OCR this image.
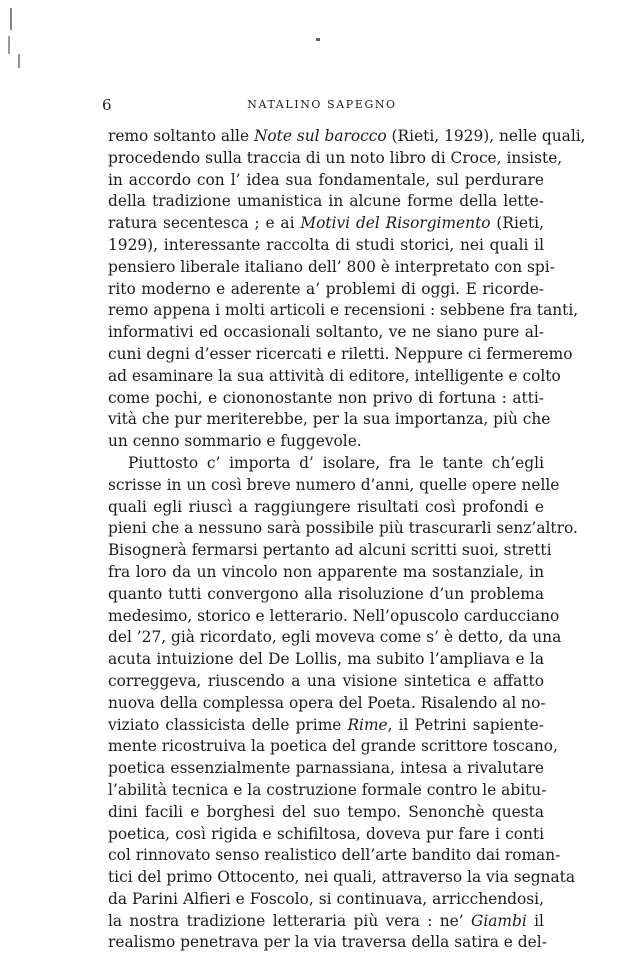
6	NATALINO SAPEGNO
remo soltanto alle Note sul barocco (Rieti, 1929), nelle quali,
procedendo sulla traccia di un noto libro di Croce, insiste,
in accordo con l’ idea sua fondamentale, sul perdurare
della tradizione umanistica in alcune forme della lette-
ratura secentesca ; e ai Motivi del Risorgimento (Rieti,
1929), interessante raccolta di studi storici, nei quali il
pensiero liberale italiano dell’ 800 è interpretato con spi-
rito moderno e aderente a’ problemi di oggi. E ricorde-
remo appena i molti articoli e recensioni : sebbene fra tanti,
informativi ed occasionali soltanto, ve ne siano pure al-
cuni degni d’esser ricercati e riletti. Neppure ci fermeremo
ad esaminare la sua attività di editore, intelligente e colto
come pochi, e ciononostante non privo di fortuna : atti-
vità che pur meriterebbe, per la sua importanza, più che
un cenno sommario e fuggevole.
Piuttosto c’ importa d’ isolare, fra le tante ch’egli
scrisse in un così breve numero d’anni, quelle opere nelle
quali egli riuscì a raggiungere risultati così profondi e
pieni che a nessuno sarà possibile più trascurarli senz’altro.
Bisognerà fermarsi pertanto ad alcuni scritti suoi, stretti
fra loro da un vincolo non apparente ma sostanziale, in
quanto tutti convergono alla risoluzione d’un problema
medesimo, storico e letterario. Nell’opuscolo carducciano
del ’27, già ricordato, egli moveva come s’ è detto, da una
acuta intuizione del De Lollis, ma subito l’ampliava e la
correggeva, riuscendo a una visione sintetica e affatto
nuova della complessa opera del Poeta. Risalendo al no-
viziato classicista delle prime Rime, il Petrini sapiente-
mente ricostruiva la poetica del grande scrittore toscano,
poetica essenzialmente parnassiana, intesa a rivalutare
l’abilità tecnica e la costruzione formale contro le abitu-
dini facili e borghesi del suo tempo. Senonchè questa
poetica, così rigida e schifiltosa, doveva pur fare i conti
col rinnovato senso realistico dell’arte bandito dai roman-
tici del primo Ottocento, nei quali, attraverso la via segnata
da Parini Alfieri e Foscolo, si continuava, arricchendosi,
la nostra tradizione letteraria più vera : ne’ Giambi il
realismo penetrava per la via traversa della satira e del-
